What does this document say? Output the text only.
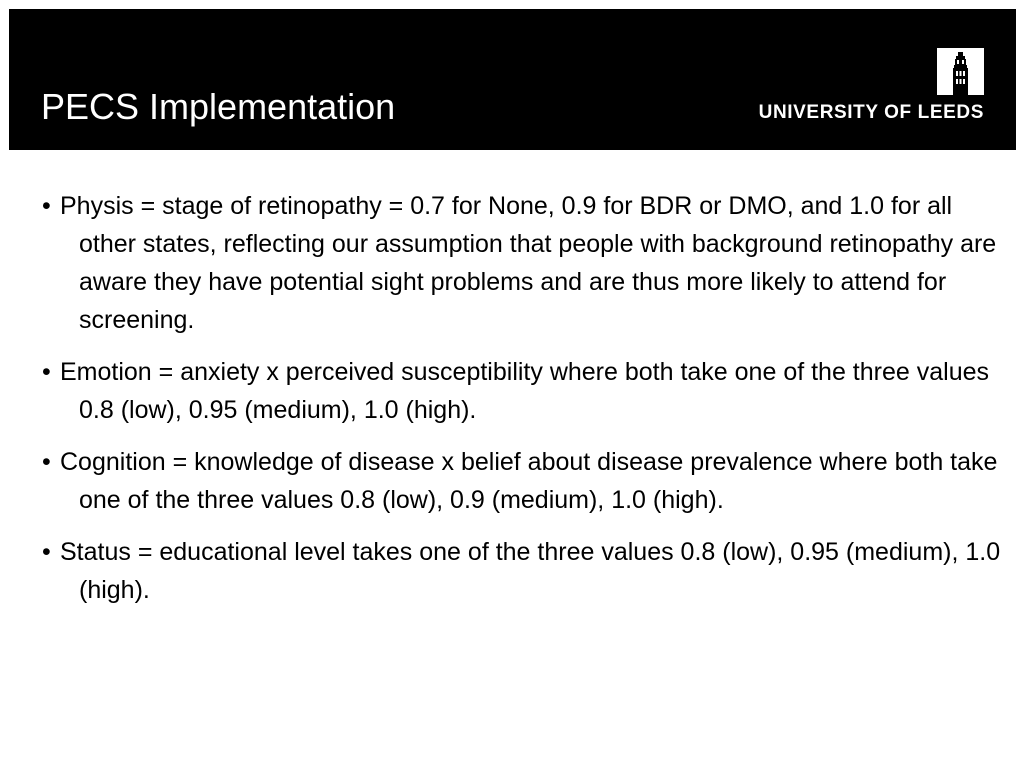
PECS Implementation	UNIVERSITY OF LEEDS
• Physis = stage of retinopathy = 0.7 for None, 0.9 for BDR or DMO, and 1.0 for all other states, reflecting our assumption that people with background retinopathy are aware they have potential sight problems and are thus more likely to attend for screening.
• Emotion = anxiety x perceived susceptibility where both take one of the three values 0.8 (low), 0.95 (medium), 1.0 (high).
• Cognition = knowledge of disease x belief about disease prevalence where both take one of the three values 0.8 (low), 0.9 (medium), 1.0 (high).
• Status = educational level takes one of the three values 0.8 (low), 0.95 (medium), 1.0 (high).
